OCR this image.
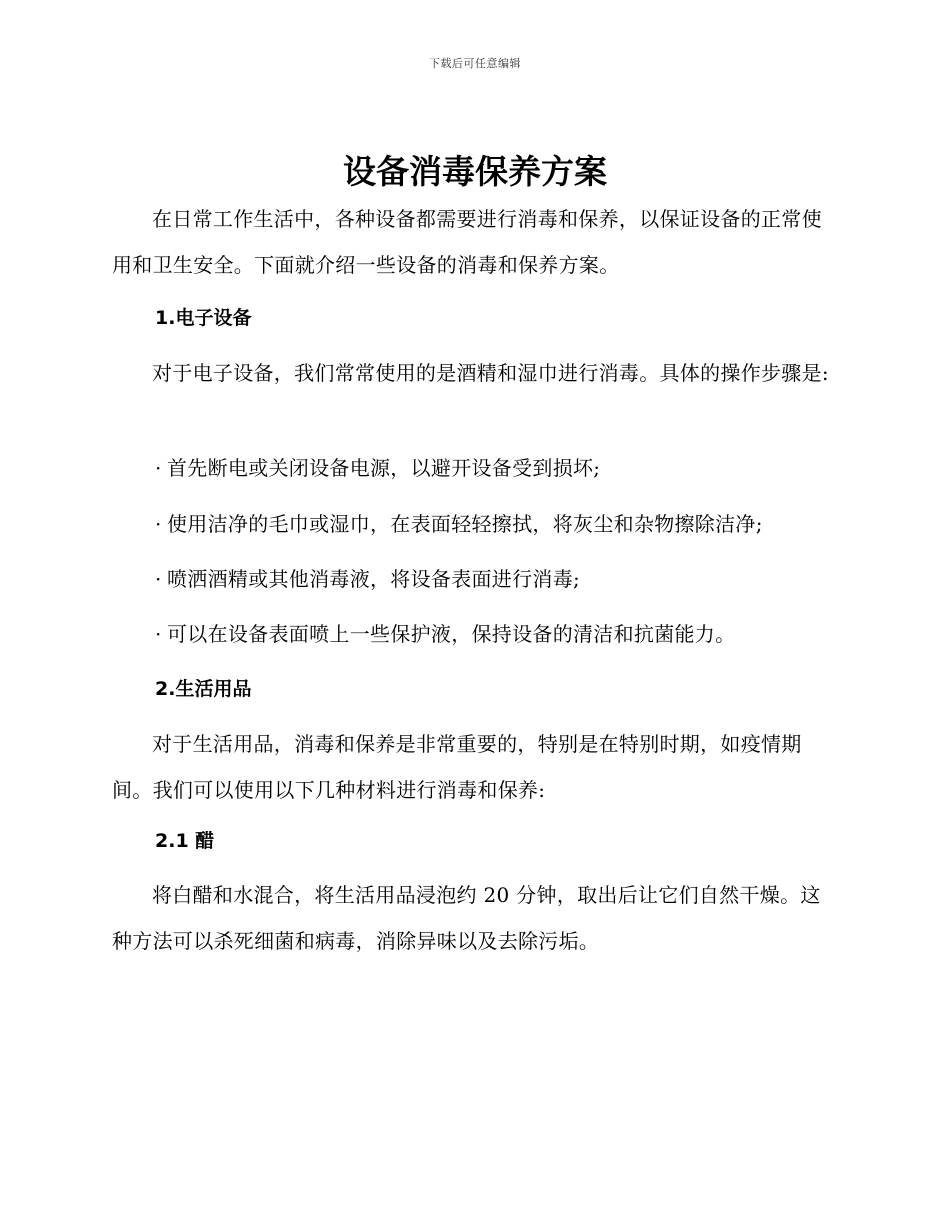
下载后可任意编辑
设备消毒保养方案

在日常工作生活中，各种设备都需要进行消毒和保养，以保证设备的正常使用和卫生安全。下面就介绍一些设备的消毒和保养方案。

1.电子设备

对于电子设备，我们常常使用的是酒精和湿巾进行消毒。具体的操作步骤是:

· 首先断电或关闭设备电源，以避开设备受到损坏;
· 使用洁净的毛巾或湿巾，在表面轻轻擦拭，将灰尘和杂物擦除洁净;
· 喷洒酒精或其他消毒液，将设备表面进行消毒;
· 可以在设备表面喷上一些保护液，保持设备的清洁和抗菌能力。
2.生活用品

对于生活用品，消毒和保养是非常重要的，特别是在特别时期，如疫情期间。我们可以使用以下几种材料进行消毒和保养:

2.1 醋

将白醋和水混合，将生活用品浸泡约 20 分钟，取出后让它们自然干燥。这种方法可以杀死细菌和病毒，消除异味以及去除污垢。
